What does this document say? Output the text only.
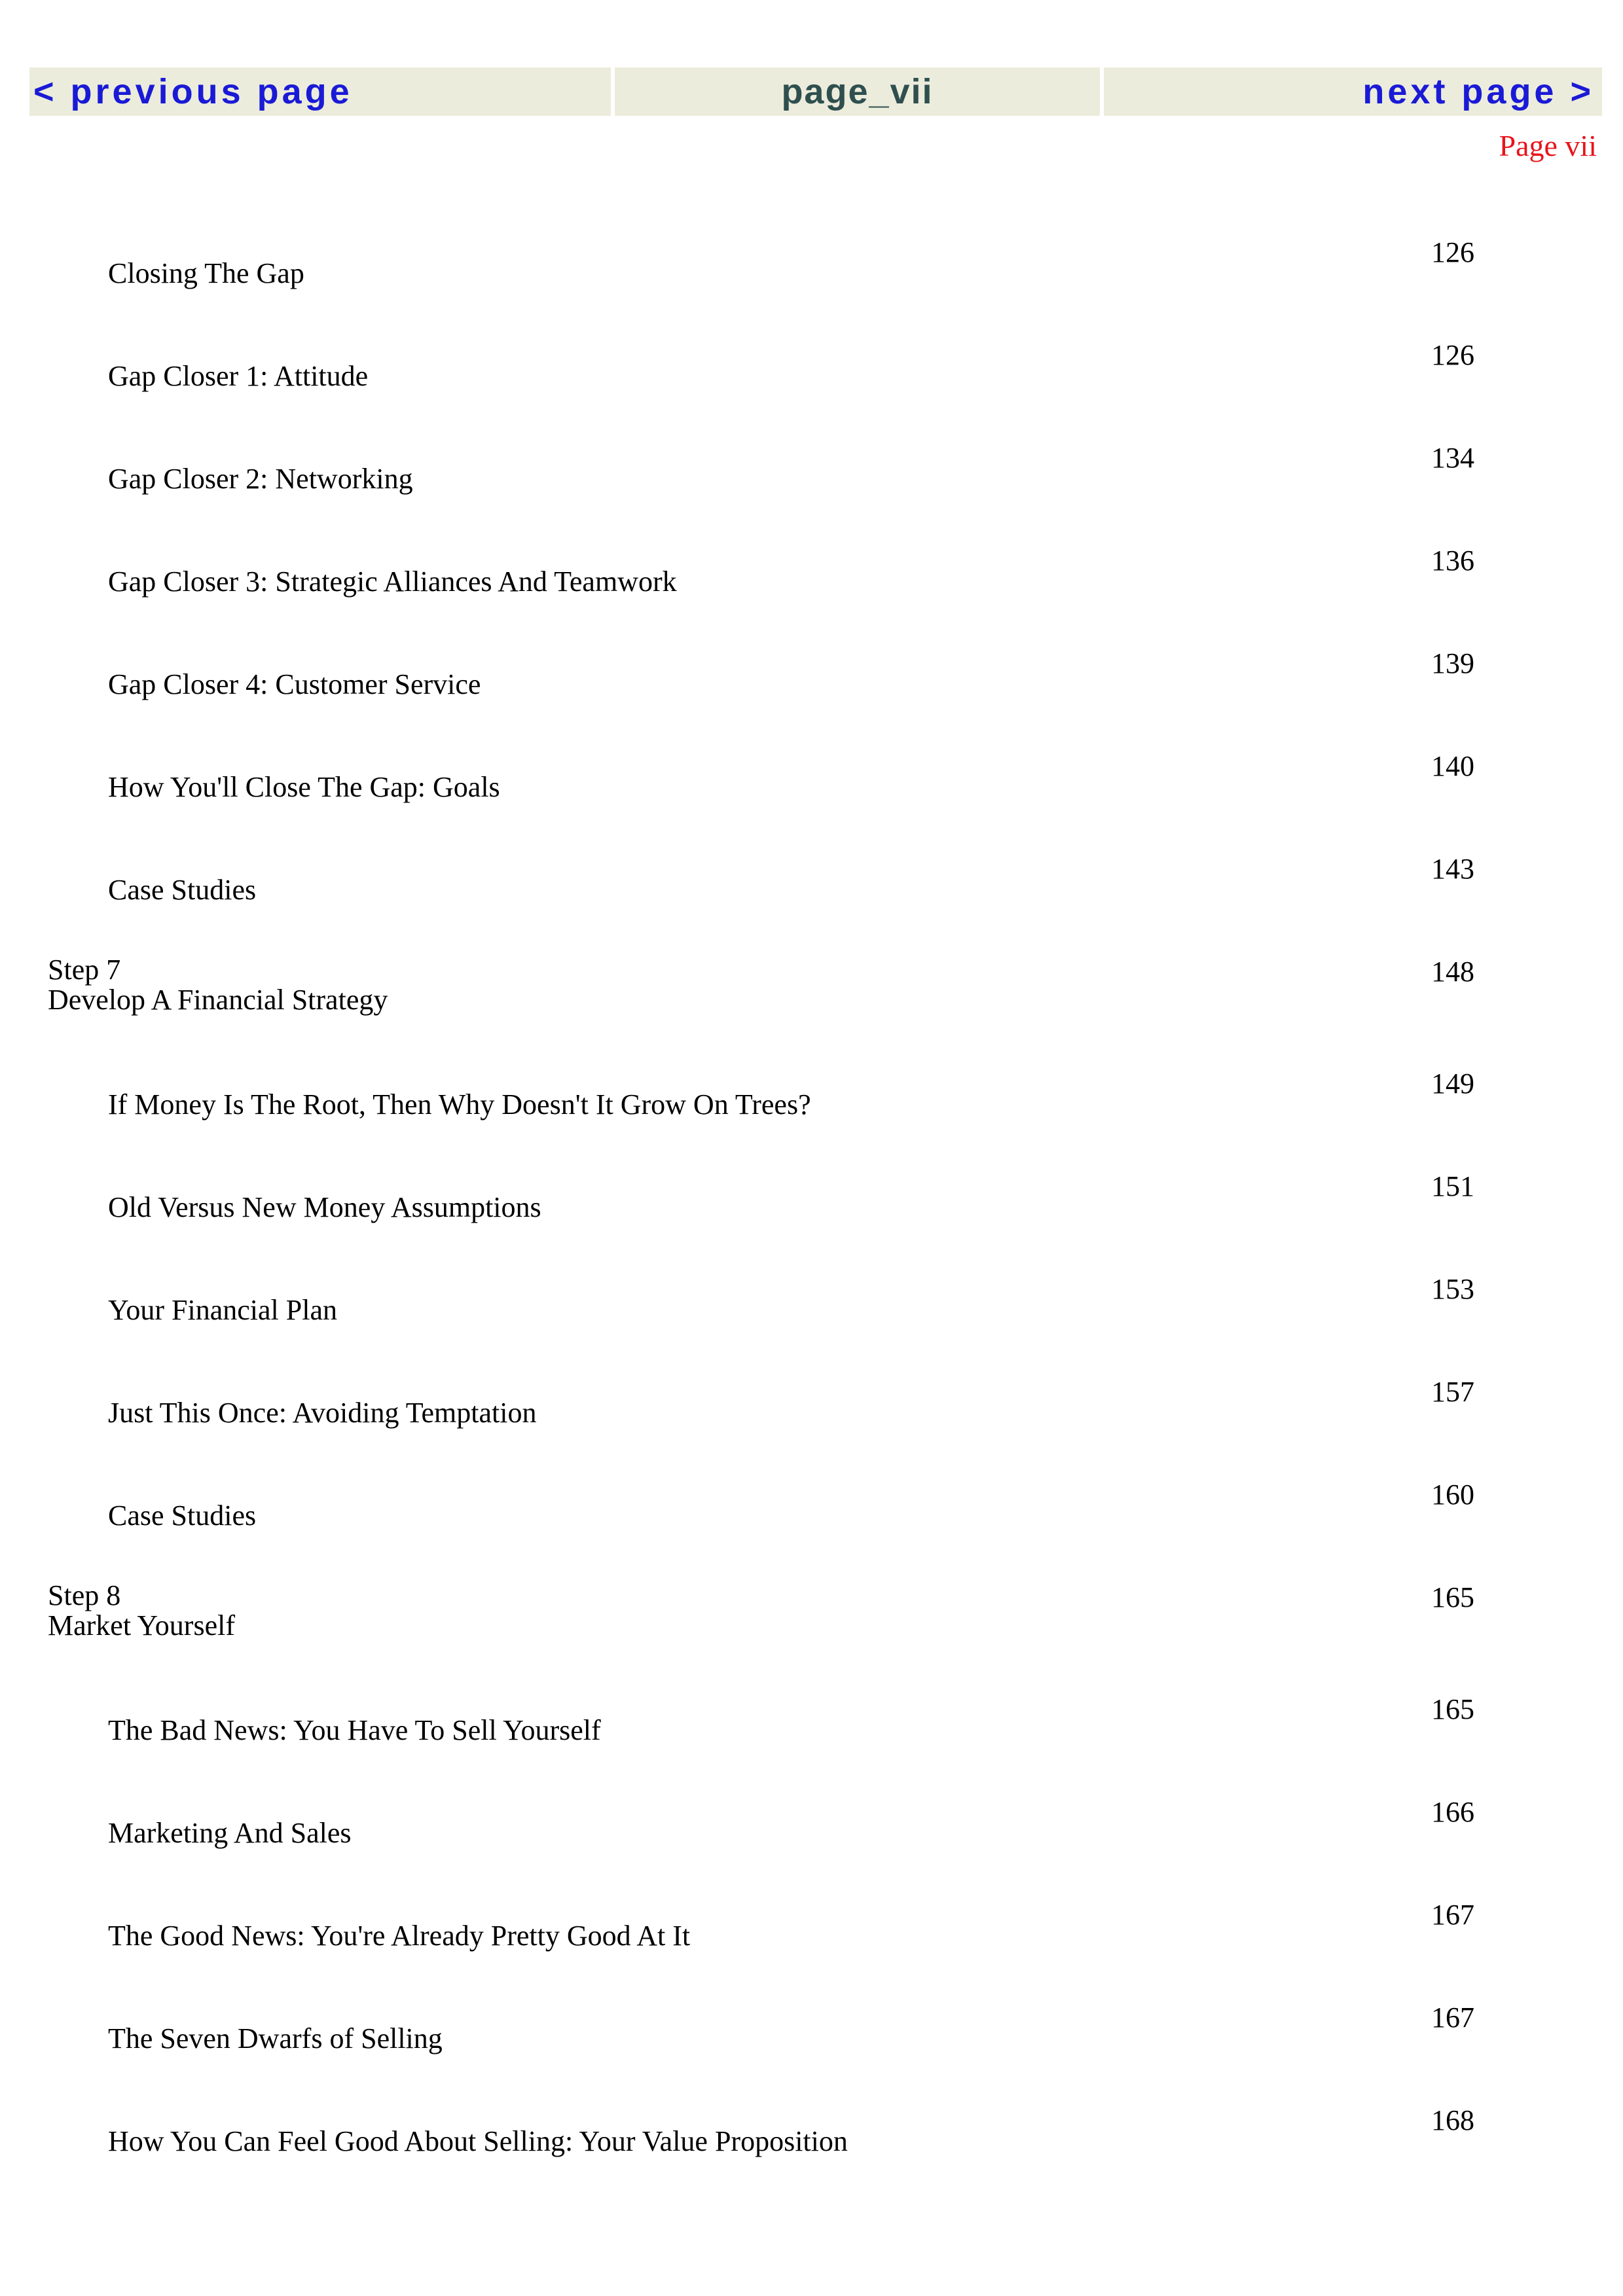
< previous page	page_vii	next page >
Page vii
Closing The Gap
126
Gap Closer 1: Attitude
126
Gap Closer 2: Networking
134
Gap Closer 3: Strategic Alliances And Teamwork
136
Gap Closer 4: Customer Service
139
How You'll Close The Gap: Goals
140
Case Studies
143
Step 7
Develop A Financial Strategy
148
If Money Is The Root, Then Why Doesn't It Grow On Trees?
149
Old Versus New Money Assumptions
151
Your Financial Plan
153
Just This Once: Avoiding Temptation
157
Case Studies
160
Step 8
Market Yourself
165
The Bad News: You Have To Sell Yourself
165
Marketing And Sales
166
The Good News: You're Already Pretty Good At It
167
The Seven Dwarfs of Selling
167
How You Can Feel Good About Selling: Your Value Proposition
168
